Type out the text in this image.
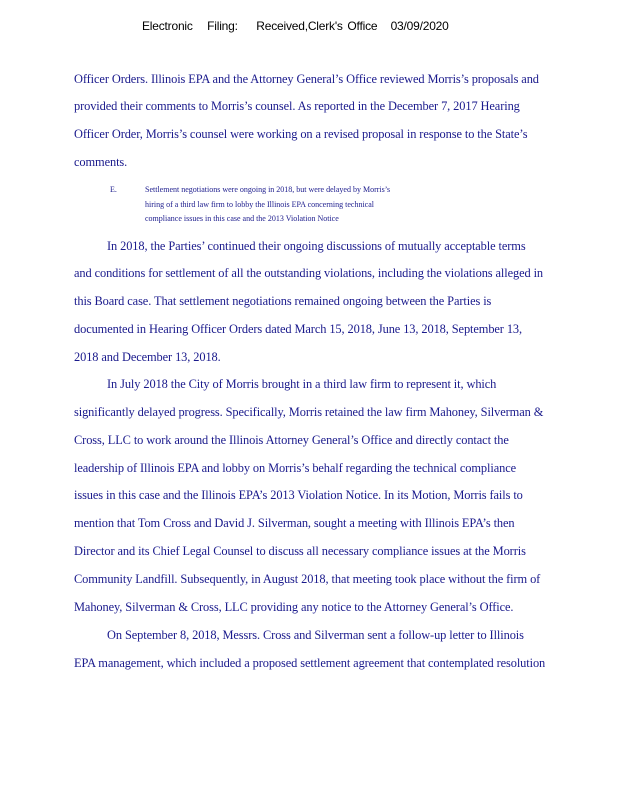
Electronic Filing: Received,Clerk's Office 03/09/2020
Officer Orders. Illinois EPA and the Attorney General’s Office reviewed Morris’s proposals and
provided their comments to Morris’s counsel. As reported in the December 7, 2017 Hearing
Officer Order, Morris’s counsel were working on a revised proposal in response to the State’s
comments.
E.	Settlement negotiations were ongoing in 2018, but were delayed by Morris’s
hiring of a third law firm to lobby the Illinois EPA concerning technical
compliance issues in this case and the 2013 Violation Notice
In 2018, the Parties’ continued their ongoing discussions of mutually acceptable terms
and conditions for settlement of all the outstanding violations, including the violations alleged in
this Board case. That settlement negotiations remained ongoing between the Parties is
documented in Hearing Officer Orders dated March 15, 2018, June 13, 2018, September 13,
2018 and December 13, 2018.
In July 2018 the City of Morris brought in a third law firm to represent it, which
significantly delayed progress. Specifically, Morris retained the law firm Mahoney, Silverman &
Cross, LLC to work around the Illinois Attorney General’s Office and directly contact the
leadership of Illinois EPA and lobby on Morris’s behalf regarding the technical compliance
issues in this case and the Illinois EPA’s 2013 Violation Notice. In its Motion, Morris fails to
mention that Tom Cross and David J. Silverman, sought a meeting with Illinois EPA’s then
Director and its Chief Legal Counsel to discuss all necessary compliance issues at the Morris
Community Landfill. Subsequently, in August 2018, that meeting took place without the firm of
Mahoney, Silverman & Cross, LLC providing any notice to the Attorney General’s Office.
On September 8, 2018, Messrs. Cross and Silverman sent a follow-up letter to Illinois
EPA management, which included a proposed settlement agreement that contemplated resolution
